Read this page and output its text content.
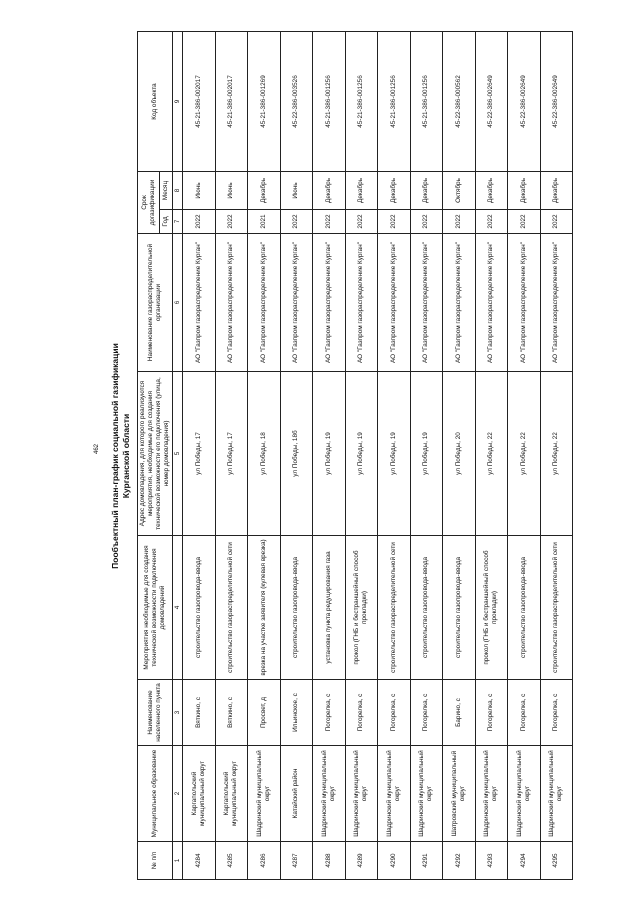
462 Пообъектный план-график социальной газификации Курганской области
№ п/п	Муниципальное образование	Наименование населенного пункта	Мероприятия необходимые для создания технической возможности подключения домовладений	Адрес домовладения, для которого реализуются мероприятия, необходимые для создания технической возможности его подключения (улица, номер домовладения)	Наименование газораспределительной организации	Срок догазификации		Код объекта
						Год	Месяц	
1	2	3	4	5	6	7	8	9
4284	Каргапольский муниципальный округ	Вяткино, с	строительство газопровода-ввода	ул Победы, 17	АО "Газпром газораспределение Курган"	2022	Июнь	45-21-386-002017
4285	Каргапольский муниципальный округ	Вяткино, с	строительство газораспределительной сети	ул Победы, 17	АО "Газпром газораспределение Курган"	2022	Июнь	45-21-386-002017
4286	Шадринский муниципальный округ	Просвет, д	врезка на участке заявителя (кулевая врезка)	ул Победы, 18	АО "Газпром газораспределение Курган"	2021	Декабрь	45-21-386-001269
4287	Катайский район	Ильинское, с	строительство газопровода-ввода	ул Победы, 18б	АО "Газпром газораспределение Курган"	2022	Июнь	45-22-386-003526
4288	Шадринский муниципальный округ	Погорелка, с	установка пункта редуцирования газа	ул Победы, 19	АО "Газпром газораспределение Курган"	2022	Декабрь	45-21-386-001256
4289	Шадринский муниципальный округ	Погорелка, с	прокол (ГНБ и бестраншейный способ прокладки)	ул Победы, 19	АО "Газпром газораспределение Курган"	2022	Декабрь	45-21-386-001256
4290	Шадринский муниципальный округ	Погорелка, с	строительство газораспределительной сети	ул Победы, 19	АО "Газпром газораспределение Курган"	2022	Декабрь	45-21-386-001256
4291	Шадринский муниципальный округ	Погорелка, с	строительство газопровода-ввода	ул Победы, 19	АО "Газпром газораспределение Курган"	2022	Декабрь	45-21-386-001256
4292	Шатровский муниципальный округ	Барино, с	строительство газопровода-ввода	ул Победы, 20	АО "Газпром газораспределение Курган"	2022	Октябрь	45-22-386-000562
4293	Шадринский муниципальный округ	Погорелка, с	прокол (ГНБ и бестраншейный способ прокладки)	ул Победы, 22	АО "Газпром газораспределение Курган"	2022	Декабрь	45-22-386-002649
4294	Шадринский муниципальный округ	Погорелка, с	строительство газопровода-ввода	ул Победы, 22	АО "Газпром газораспределение Курган"	2022	Декабрь	45-22-386-002649
4295	Шадринский муниципальный округ	Погорелка, с	строительство газораспределительной сети	ул Победы, 22	АО "Газпром газораспределение Курган"	2022	Декабрь	45-22-386-002649
